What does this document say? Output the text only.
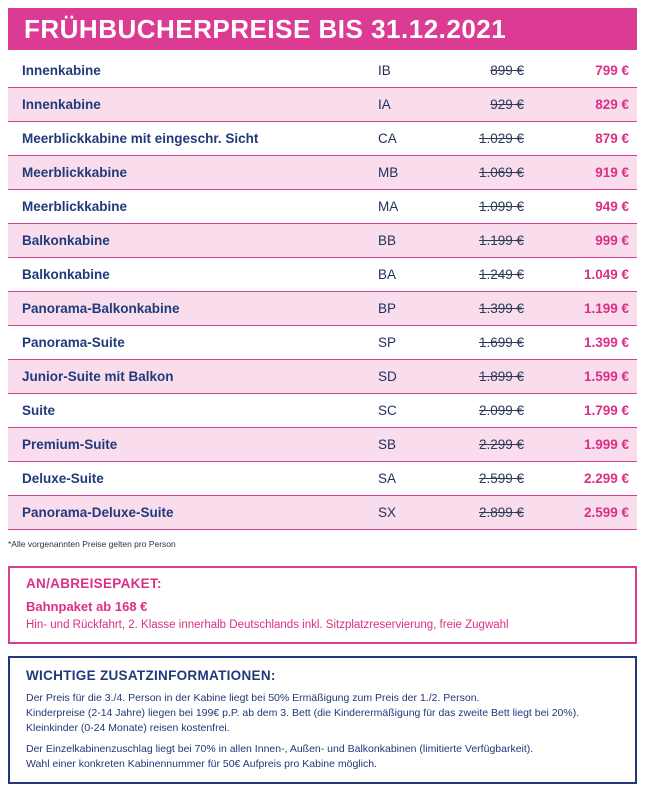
FRÜHBUCHERPREISE BIS 31.12.2021
Innenkabine	IB	899 €	799 €
Innenkabine	IA	929 €	829 €
Meerblickkabine mit eingeschr. Sicht	CA	1.029 €	879 €
Meerblickkabine	MB	1.069 €	919 €
Meerblickkabine	MA	1.099 €	949 €
Balkonkabine	BB	1.199 €	999 €
Balkonkabine	BA	1.249 €	1.049 €
Panorama-Balkonkabine	BP	1.399 €	1.199 €
Panorama-Suite	SP	1.699 €	1.399 €
Junior-Suite mit Balkon	SD	1.899 €	1.599 €
Suite	SC	2.099 €	1.799 €
Premium-Suite	SB	2.299 €	1.999 €
Deluxe-Suite	SA	2.599 €	2.299 €
Panorama-Deluxe-Suite	SX	2.899 €	2.599 €
*Alle vorgenannten Preise gelten pro Person
AN/ABREISEPAKET:
Bahnpaket ab 168 €
Hin- und Rückfahrt, 2. Klasse innerhalb Deutschlands inkl. Sitzplatzreservierung, freie Zugwahl
WICHTIGE ZUSATZINFORMATIONEN:
Der Preis für die 3./4. Person in der Kabine liegt bei 50% Ermäßigung zum Preis der 1./2. Person.
Kinderpreise (2-14 Jahre) liegen bei 199€ p.P. ab dem 3. Bett (die Kinderermäßigung für das zweite Bett liegt bei 20%).
Kleinkinder (0-24 Monate) reisen kostenfrei.
Der Einzelkabinenzuschlag liegt bei 70% in allen Innen-, Außen- und Balkonkabinen (limitierte Verfügbarkeit).
Wahl einer konkreten Kabinennummer für 50€ Aufpreis pro Kabine möglich.
